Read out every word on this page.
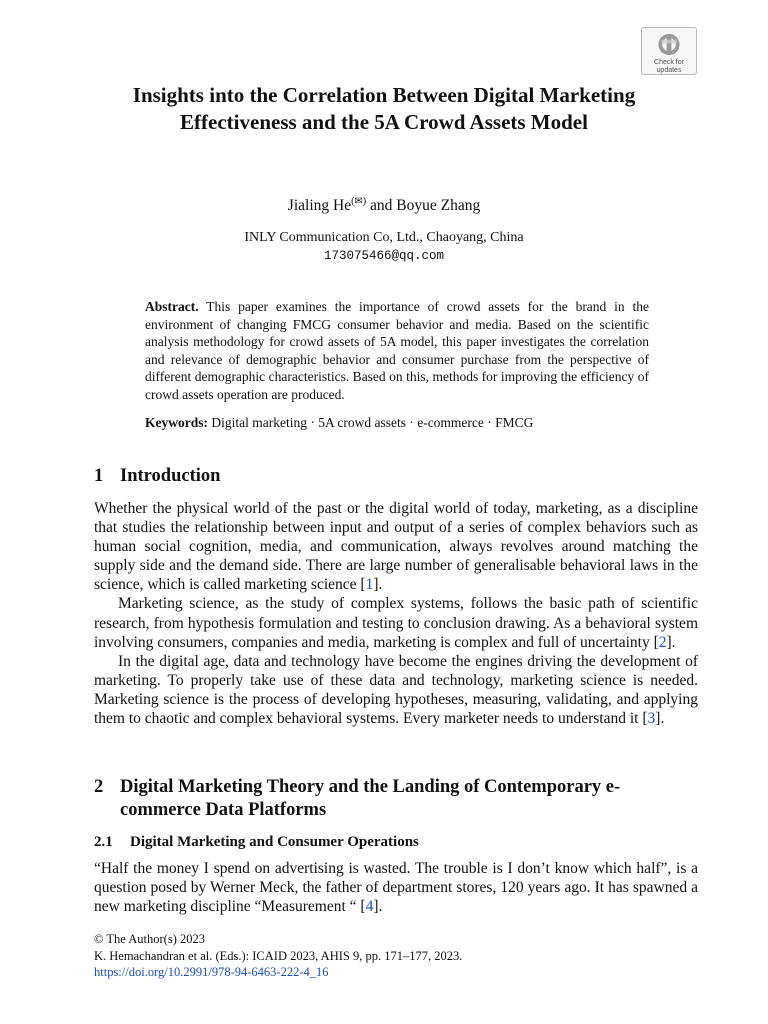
Check for updates
Insights into the Correlation Between Digital Marketing Effectiveness and the 5A Crowd Assets Model
Jialing He(✉) and Boyue Zhang
INLY Communication Co, Ltd., Chaoyang, China
173075466@qq.com

Abstract. This paper examines the importance of crowd assets for the brand in the environment of changing FMCG consumer behavior and media. Based on the scientific analysis methodology for crowd assets of 5A model, this paper investigates the correlation and relevance of demographic behavior and consumer purchase from the perspective of different demographic characteristics. Based on this, methods for improving the efficiency of crowd assets operation are produced.

Keywords: Digital marketing · 5A crowd assets · e-commerce · FMCG
1 Introduction

Whether the physical world of the past or the digital world of today, marketing, as a discipline that studies the relationship between input and output of a series of complex behaviors such as human social cognition, media, and communication, always revolves around matching the supply side and the demand side. There are large number of generalisable behavioral laws in the science, which is called marketing science [1].

Marketing science, as the study of complex systems, follows the basic path of scientific research, from hypothesis formulation and testing to conclusion drawing. As a behavioral system involving consumers, companies and media, marketing is complex and full of uncertainty [2].

In the digital age, data and technology have become the engines driving the development of marketing. To properly take use of these data and technology, marketing science is needed. Marketing science is the process of developing hypotheses, measuring, validating, and applying them to chaotic and complex behavioral systems. Every marketer needs to understand it [3].

2 Digital Marketing Theory and the Landing of Contemporary e-commerce Data Platforms
2.1	Digital Marketing and Consumer Operations

“Half the money I spend on advertising is wasted. The trouble is I don’t know which half”, is a question posed by Werner Meck, the father of department stores, 120 years ago. It has spawned a new marketing discipline “Measurement “ [4].

© The Author(s) 2023
K. Hemachandran et al. (Eds.): ICAID 2023, AHIS 9, pp. 171–177, 2023.
https://doi.org/10.2991/978-94-6463-222-4_16
